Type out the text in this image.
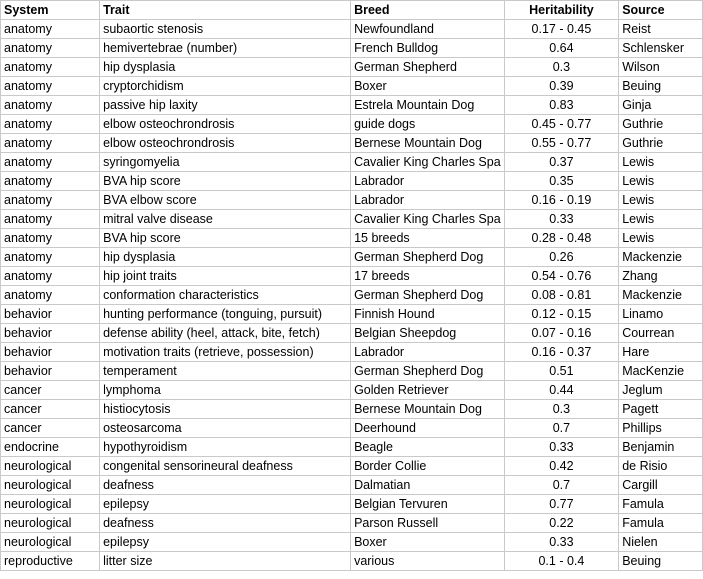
System	Trait	Breed	Heritability	Source
anatomy	subaortic stenosis	Newfoundland	0.17 - 0.45	Reist
anatomy	hemivertebrae (number)	French Bulldog	0.64	Schlensker
anatomy	hip dysplasia	German Shepherd	0.3	Wilson
anatomy	cryptorchidism	Boxer	0.39	Beuing
anatomy	passive hip laxity	Estrela Mountain Dog	0.83	Ginja
anatomy	elbow osteochrondrosis	guide dogs	0.45 - 0.77	Guthrie
anatomy	elbow osteochrondrosis	Bernese Mountain Dog	0.55 - 0.77	Guthrie
anatomy	syringomyelia	Cavalier King Charles Spa	0.37	Lewis
anatomy	BVA hip score	Labrador	0.35	Lewis
anatomy	BVA elbow score	Labrador	0.16 - 0.19	Lewis
anatomy	mitral valve disease	Cavalier King Charles Spa	0.33	Lewis
anatomy	BVA hip score	15 breeds	0.28 - 0.48	Lewis
anatomy	hip dysplasia	German Shepherd Dog	0.26	Mackenzie
anatomy	hip joint traits	17 breeds	0.54 - 0.76	Zhang
anatomy	conformation characteristics	German Shepherd Dog	0.08 - 0.81	Mackenzie
behavior	hunting performance (tonguing, pursuit)	Finnish Hound	0.12 - 0.15	Linamo
behavior	defense ability (heel, attack, bite, fetch)	Belgian Sheepdog	0.07 - 0.16	Courrean
behavior	motivation traits (retrieve, possession)	Labrador	0.16 - 0.37	Hare
behavior	temperament	German Shepherd Dog	0.51	MacKenzie
cancer	lymphoma	Golden Retriever	0.44	Jeglum
cancer	histiocytosis	Bernese Mountain Dog	0.3	Pagett
cancer	osteosarcoma	Deerhound	0.7	Phillips
endocrine	hypothyroidism	Beagle	0.33	Benjamin
neurological	congenital sensorineural deafness	Border Collie	0.42	de Risio
neurological	deafness	Dalmatian	0.7	Cargill
neurological	epilepsy	Belgian Tervuren	0.77	Famula
neurological	deafness	Parson Russell	0.22	Famula
neurological	epilepsy	Boxer	0.33	Nielen
reproductive	litter size	various	0.1 - 0.4	Beuing
